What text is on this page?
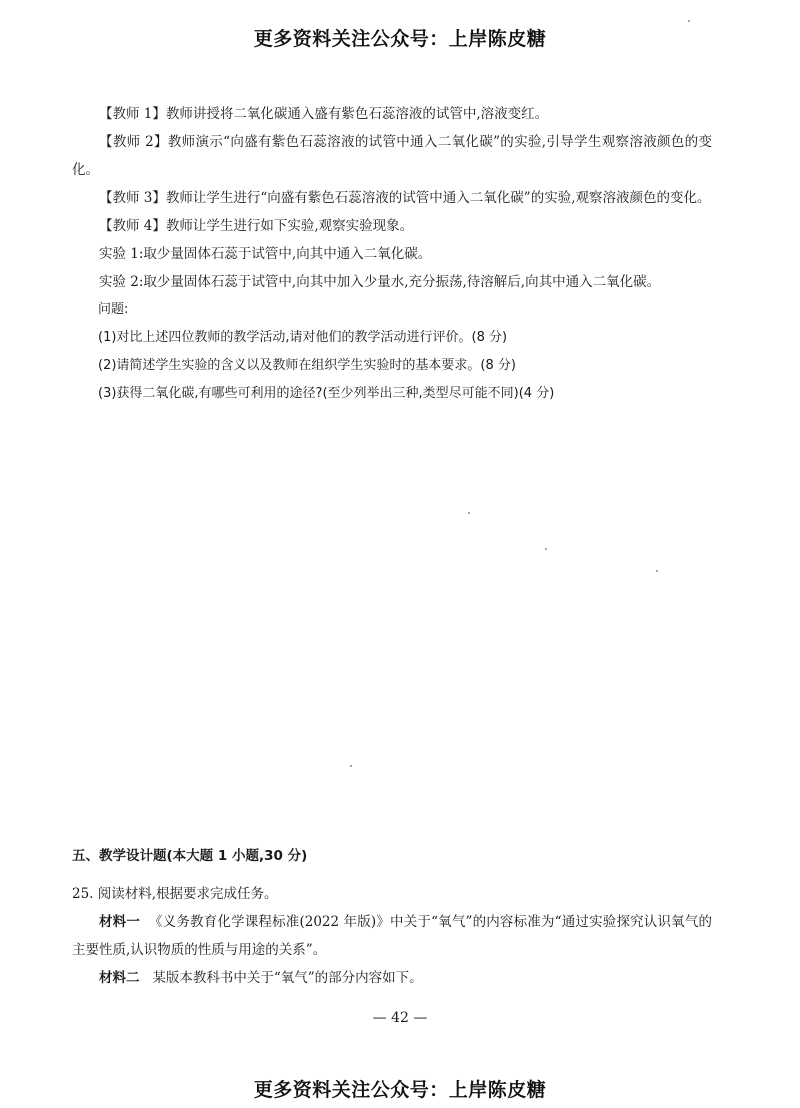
更多资料关注公众号：上岸陈皮糖

【教师 1】教师讲授将二氧化碳通入盛有紫色石蕊溶液的试管中,溶液变红。

【教师 2】教师演示“向盛有紫色石蕊溶液的试管中通入二氧化碳”的实验,引导学生观察溶液颜色的变化。

【教师 3】教师让学生进行“向盛有紫色石蕊溶液的试管中通入二氧化碳”的实验,观察溶液颜色的变化。

【教师 4】教师让学生进行如下实验,观察实验现象。

实验 1:取少量固体石蕊于试管中,向其中通入二氧化碳。

实验 2:取少量固体石蕊于试管中,向其中加入少量水,充分振荡,待溶解后,向其中通入二氧化碳。

问题:

(1)对比上述四位教师的教学活动,请对他们的教学活动进行评价。(8 分)

(2)请简述学生实验的含义以及教师在组织学生实验时的基本要求。(8 分)

(3)获得二氧化碳,有哪些可利用的途径?(至少列举出三种,类型尽可能不同)(4 分)

五、教学设计题(本大题 1 小题,30 分)

25. 阅读材料,根据要求完成任务。

材料一 《义务教育化学课程标准(2022 年版)》中关于“氧气”的内容标准为“通过实验探究认识氧气的主要性质,认识物质的性质与用途的关系”。

材料二 某版本教科书中关于“氧气”的部分内容如下。

— 42 —
更多资料关注公众号：上岸陈皮糖
